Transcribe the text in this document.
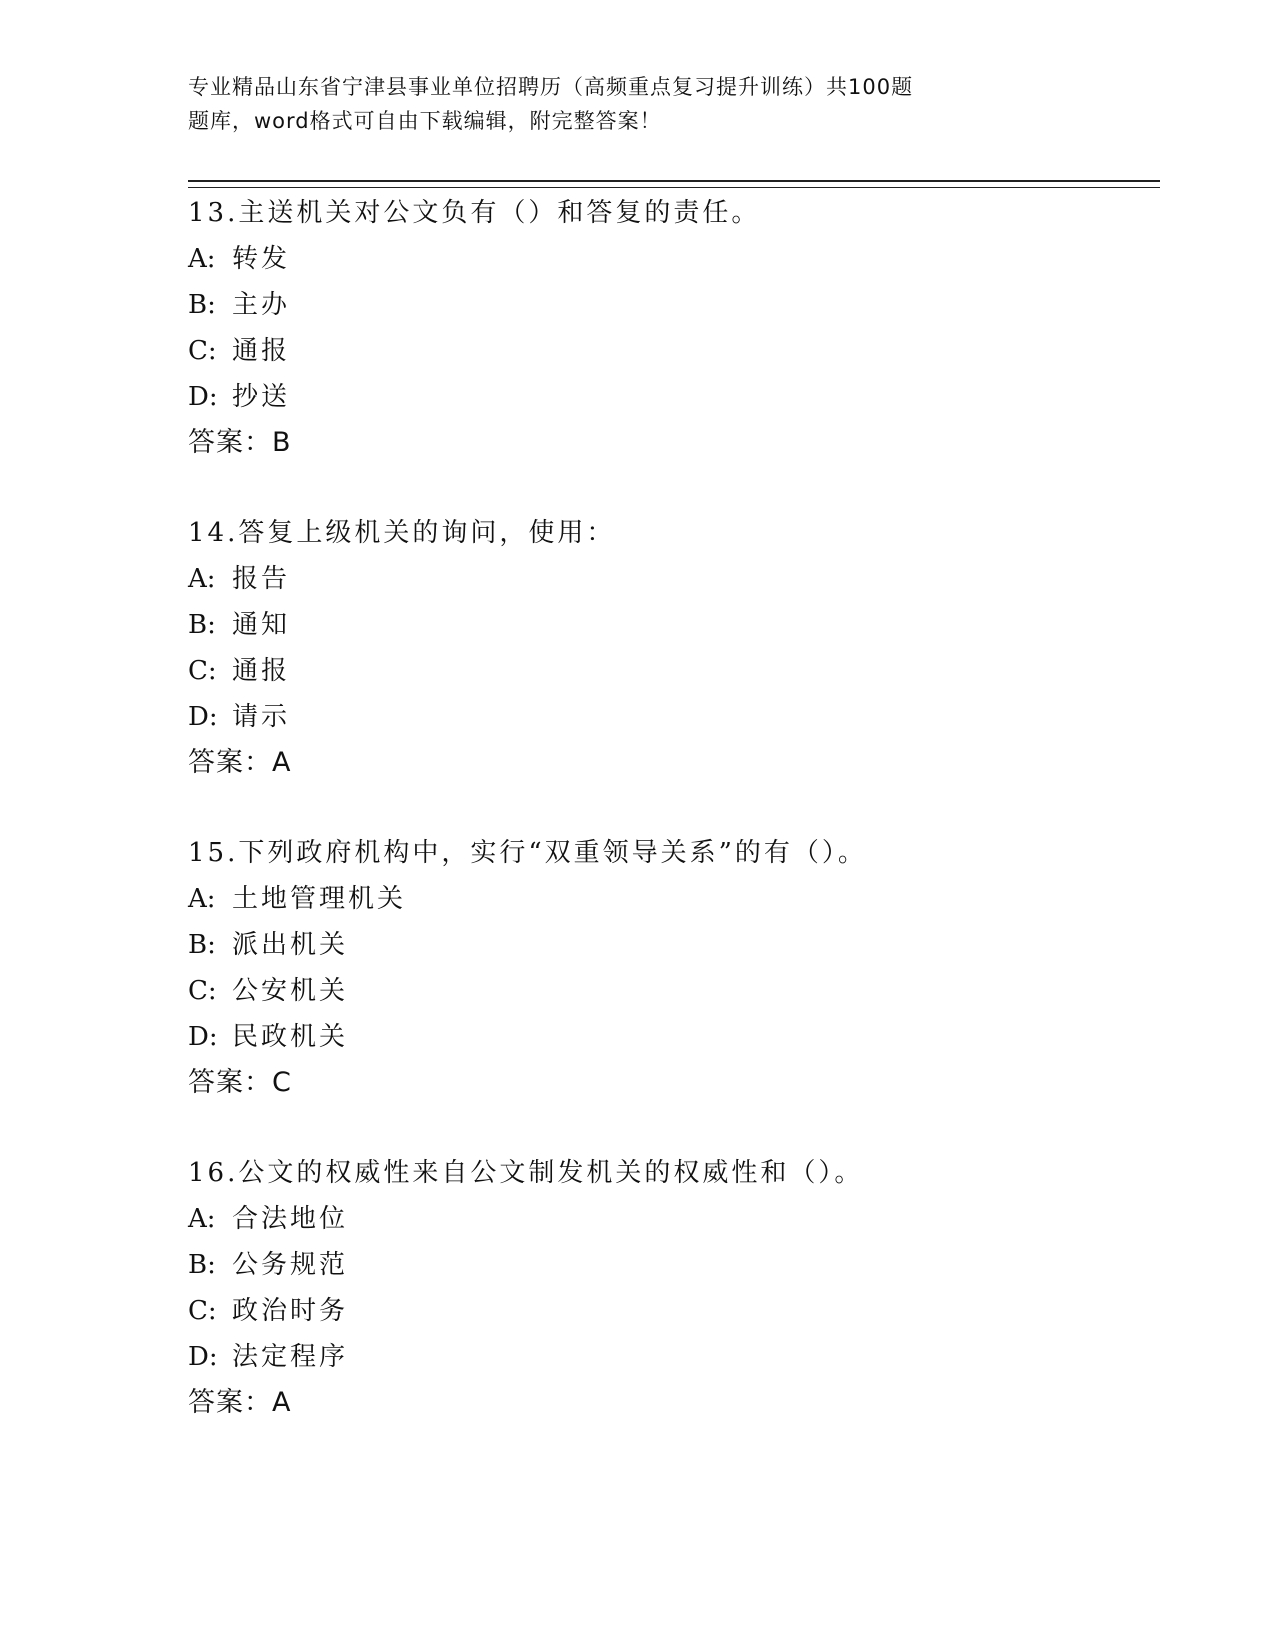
专业精品山东省宁津县事业单位招聘历（高频重点复习提升训练）共100题
题库，word格式可自由下载编辑，附完整答案！
13.主送机关对公文负有（）和答复的责任。
A: 转发
B: 主办
C: 通报
D: 抄送
答案：B
14.答复上级机关的询问，使用：
A: 报告
B: 通知
C: 通报
D: 请示
答案：A
15.下列政府机构中，实行“双重领导关系”的有（）。
A: 土地管理机关
B: 派出机关
C: 公安机关
D: 民政机关
答案：C
16.公文的权威性来自公文制发机关的权威性和（）。
A: 合法地位
B: 公务规范
C: 政治时务
D: 法定程序
答案：A
